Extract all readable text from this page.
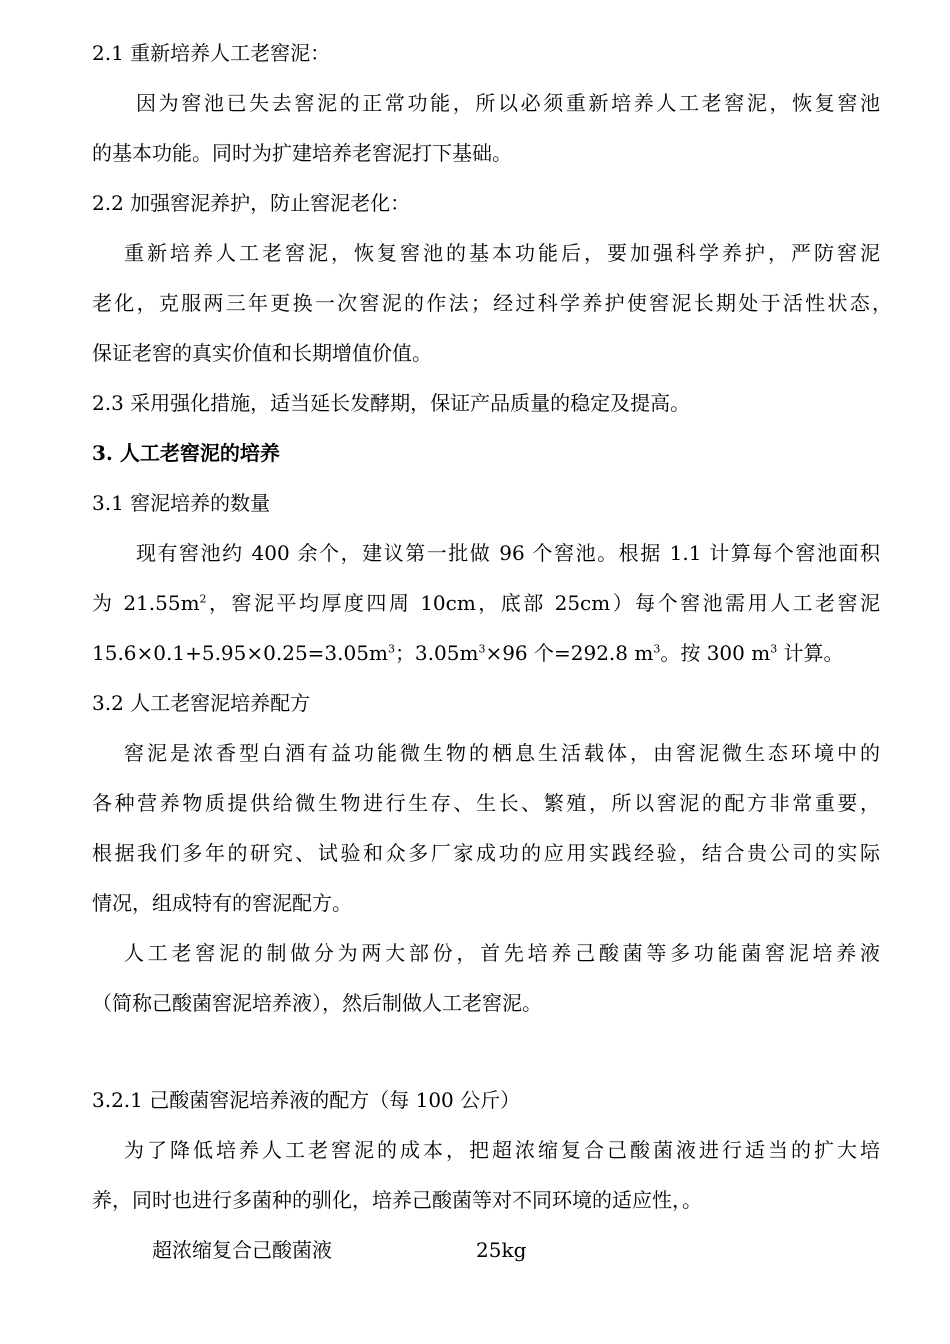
2.1 重新培养人工老窖泥：
因为窖池已失去窖泥的正常功能，所以必须重新培养人工老窖泥，恢复窖池
的基本功能。同时为扩建培养老窖泥打下基础。
2.2 加强窖泥养护，防止窖泥老化：
重新培养人工老窖泥，恢复窖池的基本功能后，要加强科学养护，严防窖泥
老化，克服两三年更换一次窖泥的作法；经过科学养护使窖泥长期处于活性状态，
保证老窖的真实价值和长期增值价值。
2.3 采用强化措施，适当延长发酵期，保证产品质量的稳定及提高。
3. 人工老窖泥的培养
3.1 窖泥培养的数量
现有窖池约 400 余个，建议第一批做 96 个窖池。根据 1.1 计算每个窖池面积
为 $21.55m^2$，窖泥平均厚度四周 10cm，底部 25cm）每个窖池需用人工老窖泥
$15.6\times 0.1+5.95\times 0.25=3.05m^3$；$3.05m^3\times 96$ 个=292.8 $m^3$。按 300 $m^3$ 计算。
3.2 人工老窖泥培养配方
窖泥是浓香型白酒有益功能微生物的栖息生活载体，由窖泥微生态环境中的
各种营养物质提供给微生物进行生存、生长、繁殖，所以窖泥的配方非常重要，
根据我们多年的研究、试验和众多厂家成功的应用实践经验，结合贵公司的实际
情况，组成特有的窖泥配方。
人工老窖泥的制做分为两大部份，首先培养己酸菌等多功能菌窖泥培养液
（简称己酸菌窖泥培养液），然后制做人工老窖泥。
3.2.1 己酸菌窖泥培养液的配方（每 100 公斤）
为了降低培养人工老窖泥的成本，把超浓缩复合己酸菌液进行适当的扩大培
养，同时也进行多菌种的驯化，培养己酸菌等对不同环境的适应性，。
超浓缩复合己酸菌液	25kg
